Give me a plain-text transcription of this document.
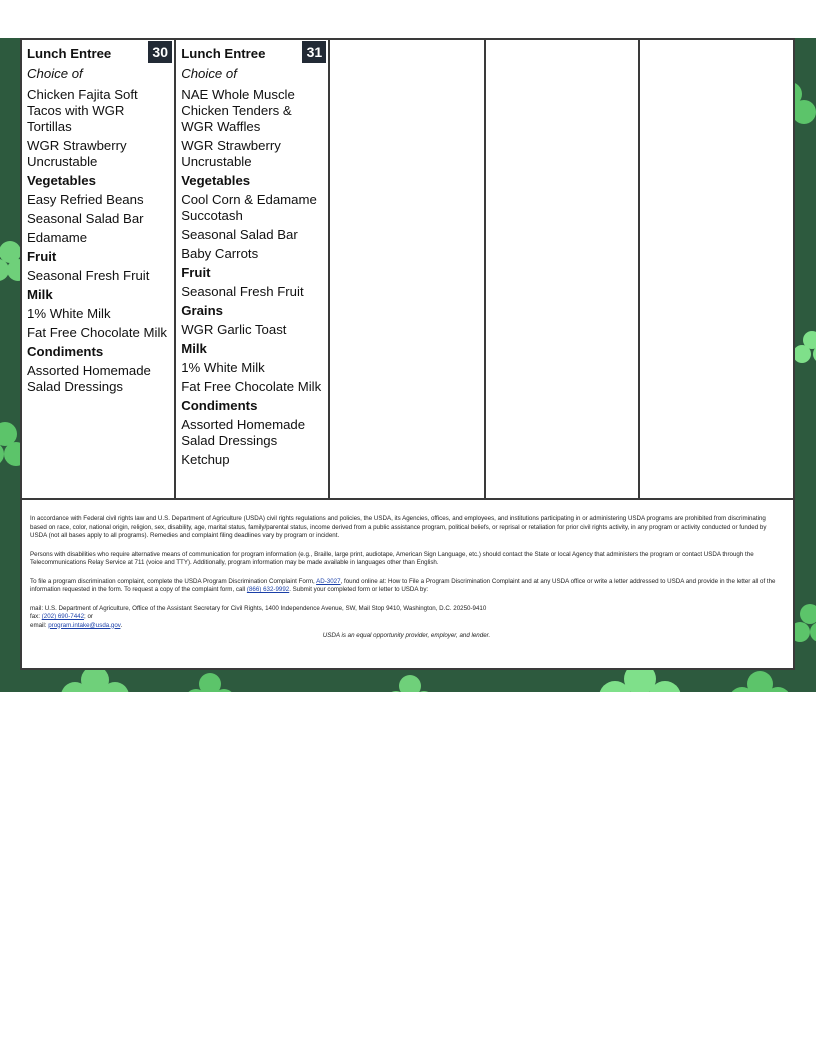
30
Lunch Entree
Choice of
Chicken Fajita Soft Tacos with WGR Tortillas
WGR Strawberry Uncrustable
Vegetables
Easy Refried Beans
Seasonal Salad Bar
Edamame
Fruit
Seasonal Fresh Fruit
Milk
1% White Milk
Fat Free Chocolate Milk
Condiments
Assorted Homemade Salad Dressings
31
Lunch Entree
Choice of
NAE Whole Muscle Chicken Tenders & WGR Waffles
WGR Strawberry Uncrustable
Vegetables
Cool Corn & Edamame Succotash
Seasonal Salad Bar
Baby Carrots
Fruit
Seasonal Fresh Fruit
Grains
WGR Garlic Toast
Milk
1% White Milk
Fat Free Chocolate Milk
Condiments
Assorted Homemade Salad Dressings
Ketchup

In accordance with Federal civil rights law and U.S. Department of Agriculture (USDA) civil rights regulations and policies, the USDA, its Agencies, offices, and employees, and institutions participating in or administering USDA programs are prohibited from discriminating based on race, color, national origin, religion, sex, disability, age, marital status, family/parental status, income derived from a public assistance program, political beliefs, or reprisal or retaliation for prior civil rights activity, in any program or activity conducted or funded by USDA (not all bases apply to all programs). Remedies and complaint filing deadlines vary by program or incident.

Persons with disabilities who require alternative means of communication for program information (e.g., Braille, large print, audiotape, American Sign Language, etc.) should contact the State or local Agency that administers the program or contact USDA through the Telecommunications Relay Service at 711 (voice and TTY). Additionally, program information may be made available in languages other than English.

To file a program discrimination complaint, complete the USDA Program Discrimination Complaint Form, AD-3027, found online at: How to File a Program Discrimination Complaint and at any USDA office or write a letter addressed to USDA and provide in the letter all of the information requested in the form. To request a copy of the complaint form, call (866) 632-9992. Submit your completed form or letter to USDA by:

mail: U.S. Department of Agriculture, Office of the Assistant Secretary for Civil Rights, 1400 Independence Avenue, SW, Mail Stop 9410, Washington, D.C. 20250-9410
fax: (202) 690-7442; or
email: program.intake@usda.gov.
USDA is an equal opportunity provider, employer, and lender.
